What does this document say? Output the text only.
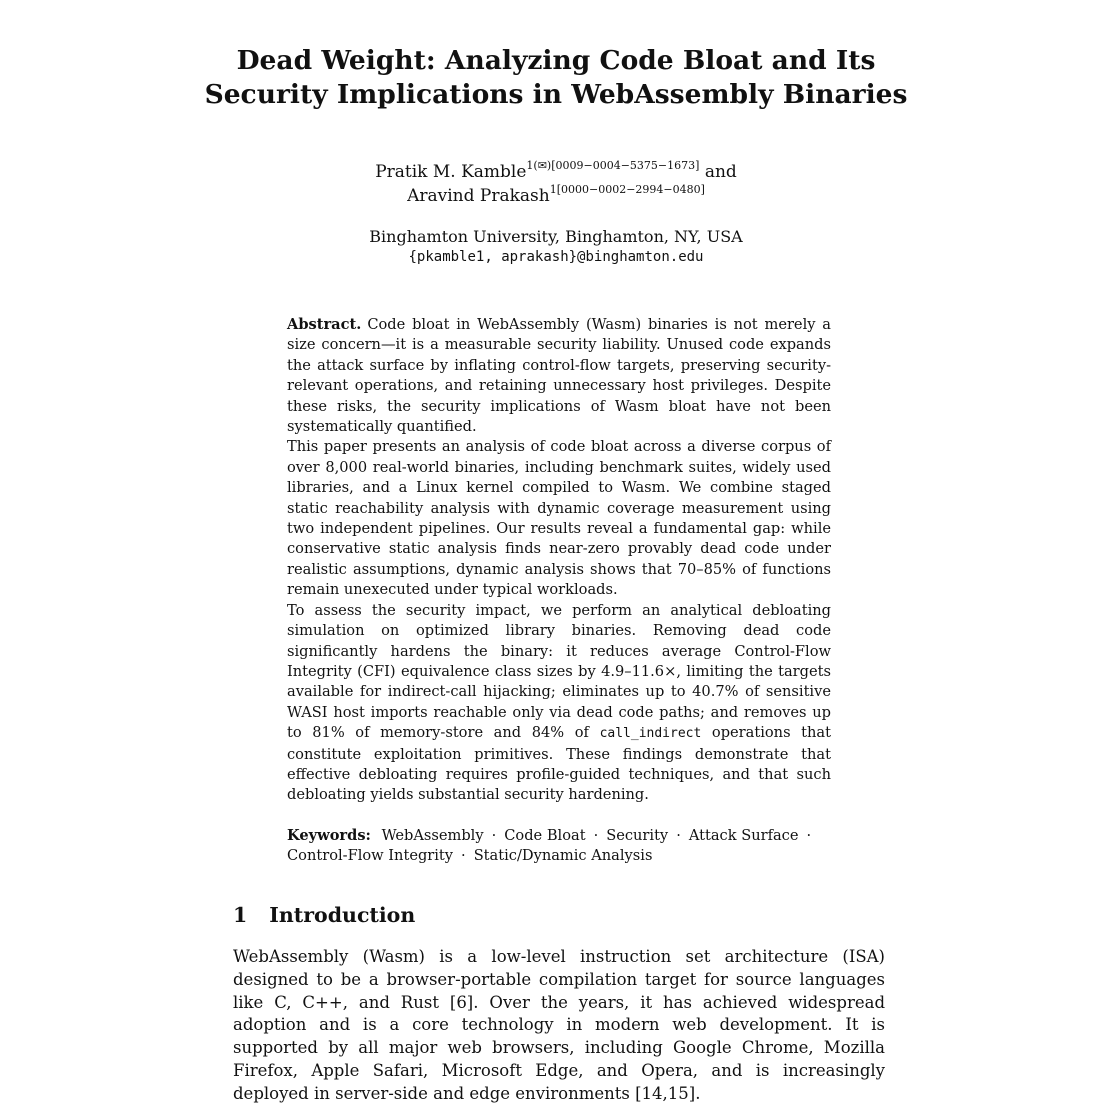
Dead Weight: Analyzing Code Bloat and Its
Security Implications in WebAssembly Binaries
Pratik M. Kamble$^{1(✉)[0009-0004-5375-1673]}$ and
Aravind Prakash$^{1[0000-0002-2994-0480]}$
Binghamton University, Binghamton, NY, USA
{pkamble1, aprakash}@binghamton.edu

Abstract. Code bloat in WebAssembly (Wasm) binaries is not merely a size concern—it is a measurable security liability. Unused code expands the attack surface by inflating control-flow targets, preserving security-relevant operations, and retaining unnecessary host privileges. Despite these risks, the security implications of Wasm bloat have not been systematically quantified.

This paper presents an analysis of code bloat across a diverse corpus of over 8,000 real-world binaries, including benchmark suites, widely used libraries, and a Linux kernel compiled to Wasm. We combine staged static reachability analysis with dynamic coverage measurement using two independent pipelines. Our results reveal a fundamental gap: while conservative static analysis finds near-zero provably dead code under realistic assumptions, dynamic analysis shows that 70–85% of functions remain unexecuted under typical workloads.

To assess the security impact, we perform an analytical debloating simulation on optimized library binaries. Removing dead code significantly hardens the binary: it reduces average Control-Flow Integrity (CFI) equivalence class sizes by 4.9–11.6×, limiting the targets available for indirect-call hijacking; eliminates up to 40.7% of sensitive WASI host imports reachable only via dead code paths; and removes up to 81% of memory-store and 84% of call_indirect operations that constitute exploitation primitives. These findings demonstrate that effective debloating requires profile-guided techniques, and that such debloating yields substantial security hardening.

Keywords: WebAssembly · Code Bloat · Security · Attack Surface ·
Control-Flow Integrity · Static/Dynamic Analysis
1 Introduction

WebAssembly (Wasm) is a low-level instruction set architecture (ISA) designed to be a browser-portable compilation target for source languages like C, C++, and Rust [6]. Over the years, it has achieved widespread adoption and is a core technology in modern web development. It is supported by all major web browsers, including Google Chrome, Mozilla Firefox, Apple Safari, Microsoft Edge, and Opera, and is increasingly deployed in server-side and edge environments [14,15].
